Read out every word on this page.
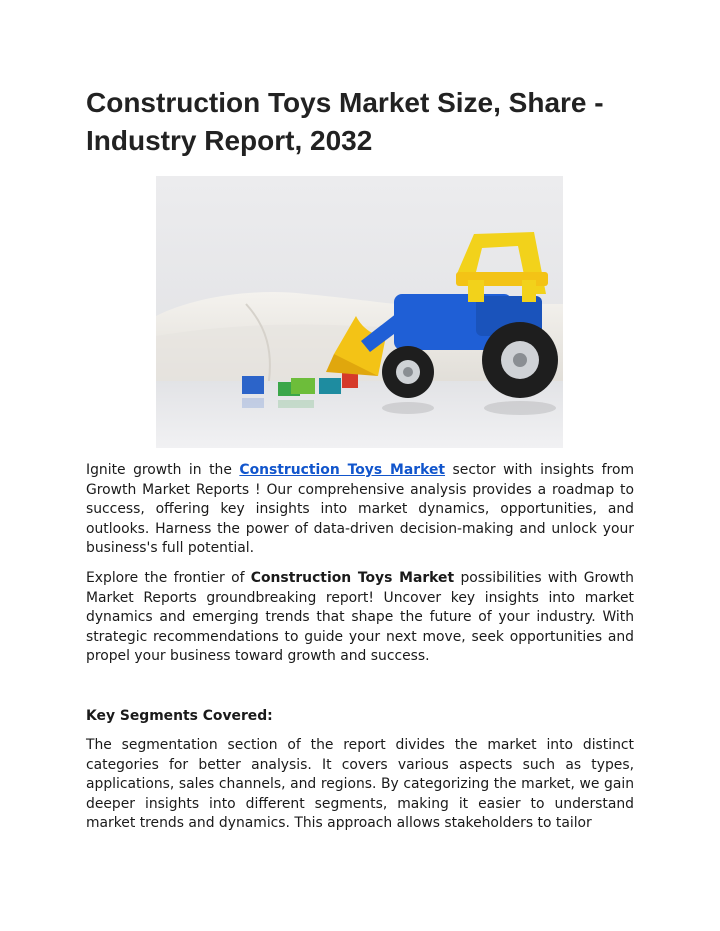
Construction Toys Market Size, Share - Industry Report, 2032

Ignite growth in the Construction Toys Market sector with insights from Growth Market Reports ! Our comprehensive analysis provides a roadmap to success, offering key insights into market dynamics, opportunities, and outlooks. Harness the power of data-driven decision-making and unlock your business's full potential.

Explore the frontier of Construction Toys Market possibilities with Growth Market Reports groundbreaking report! Uncover key insights into market dynamics and emerging trends that shape the future of your industry. With strategic recommendations to guide your next move, seek opportunities and propel your business toward growth and success.

Key Segments Covered:

The segmentation section of the report divides the market into distinct categories for better analysis. It covers various aspects such as types, applications, sales channels, and regions. By categorizing the market, we gain deeper insights into different segments, making it easier to understand market trends and dynamics. This approach allows stakeholders to tailor
